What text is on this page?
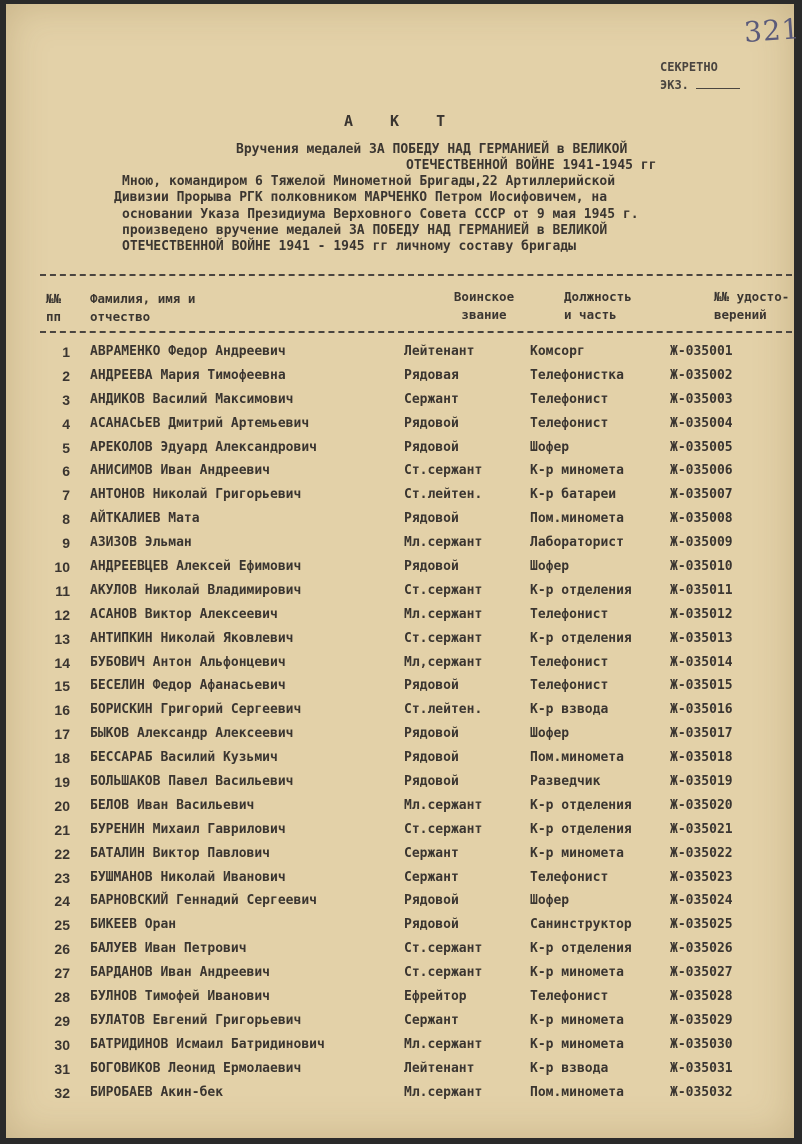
321
СЕКРЕТНО
ЭКЗ.
А К Т
Вручения медалей ЗА ПОБЕДУ НАД ГЕРМАНИЕЙ в ВЕЛИКОЙ
ОТЕЧЕСТВЕННОЙ ВОЙНЕ 1941-1945 гг
Мною, командиром 6 Тяжелой Минометной Бригады,22 Артиллерийской
Дивизии Прорыва РГК полковником МАРЧЕНКО Петром Иосифовичем, на
основании Указа Президиума Верховного Совета СССР от 9 мая 1945 г.
произведено вручение медалей ЗА ПОБЕДУ НАД ГЕРМАНИЕЙ в ВЕЛИКОЙ
ОТЕЧЕСТВЕННОЙ ВОЙНЕ 1941 - 1945 гг личному составу бригады
№№
пп
Фамилия, имя и
отчество
Воинское
звание
Должность
и часть
№№ удосто-
верений
1 АВРАМЕНКО Федор Андреевич	Лейтенант	Комсорг	Ж-035001
2 АНДРЕЕВА Мария Тимофеевна	Рядовая	Телефонистка	Ж-035002
3 АНДИКОВ Василий Максимович	Сержант	Телефонист	Ж-035003
4 АСАНАСЬЕВ Дмитрий Артемьевич	Рядовой	Телефонист	Ж-035004
5 АРЕКОЛОВ Эдуард Александрович	Рядовой	Шофер	Ж-035005
6 АНИСИМОВ Иван Андреевич	Ст.сержант	К-р миномета	Ж-035006
7 АНТОНОВ Николай Григорьевич	Ст.лейтен.	К-р батареи	Ж-035007
8 АЙТКАЛИЕВ Мата	Рядовой	Пом.миномета	Ж-035008
9 АЗИЗОВ Эльман	Мл.сержант	Лабораторист	Ж-035009
10 АНДРЕЕВЦЕВ Алексей Ефимович	Рядовой	Шофер	Ж-035010
11 АКУЛОВ Николай Владимирович	Ст.сержант	К-р отделения	Ж-035011
12 АСАНОВ Виктор Алексеевич	Мл.сержант	Телефонист	Ж-035012
13 АНТИПКИН Николай Яковлевич	Ст.сержант	К-р отделения	Ж-035013
14 БУБОВИЧ Антон Альфонцевич	Мл,сержант	Телефонист	Ж-035014
15 БЕСЕЛИН Федор Афанасьевич	Рядовой	Телефонист	Ж-035015
16 БОРИСКИН Григорий Сергеевич	Ст.лейтен.	К-р взвода	Ж-035016
17 БЫКОВ Александр Алексеевич	Рядовой	Шофер	Ж-035017
18 БЕССАРАБ Василий Кузьмич	Рядовой	Пом.миномета	Ж-035018
19 БОЛЬШАКОВ Павел Васильевич	Рядовой	Разведчик	Ж-035019
20 БЕЛОВ Иван Васильевич	Мл.сержант	К-р отделения	Ж-035020
21 БУРЕНИН Михаил Гаврилович	Ст.сержант	К-р отделения	Ж-035021
22 БАТАЛИН Виктор Павлович	Сержант	К-р миномета	Ж-035022
23 БУШМАНОВ Николай Иванович	Сержант	Телефонист	Ж-035023
24 БАРНОВСКИЙ Геннадий Сергеевич	Рядовой	Шофер	Ж-035024
25 БИКЕЕВ Оран	Рядовой	Санинструктор	Ж-035025
26 БАЛУЕВ Иван Петрович	Ст.сержант	К-р отделения	Ж-035026
27 БАРДАНОВ Иван Андреевич	Ст.сержант	К-р миномета	Ж-035027
28 БУЛНОВ Тимофей Иванович	Ефрейтор	Телефонист	Ж-035028
29 БУЛАТОВ Евгений Григорьевич	Сержант	К-р миномета	Ж-035029
30 БАТРИДИНОВ Исмаил Батридинович	Мл.сержант	К-р миномета	Ж-035030
31 БОГОВИКОВ Леонид Ермолаевич	Лейтенант	К-р взвода	Ж-035031
32 БИРОБАЕВ Акин-бек	Мл.сержант	Пом.миномета	Ж-035032
